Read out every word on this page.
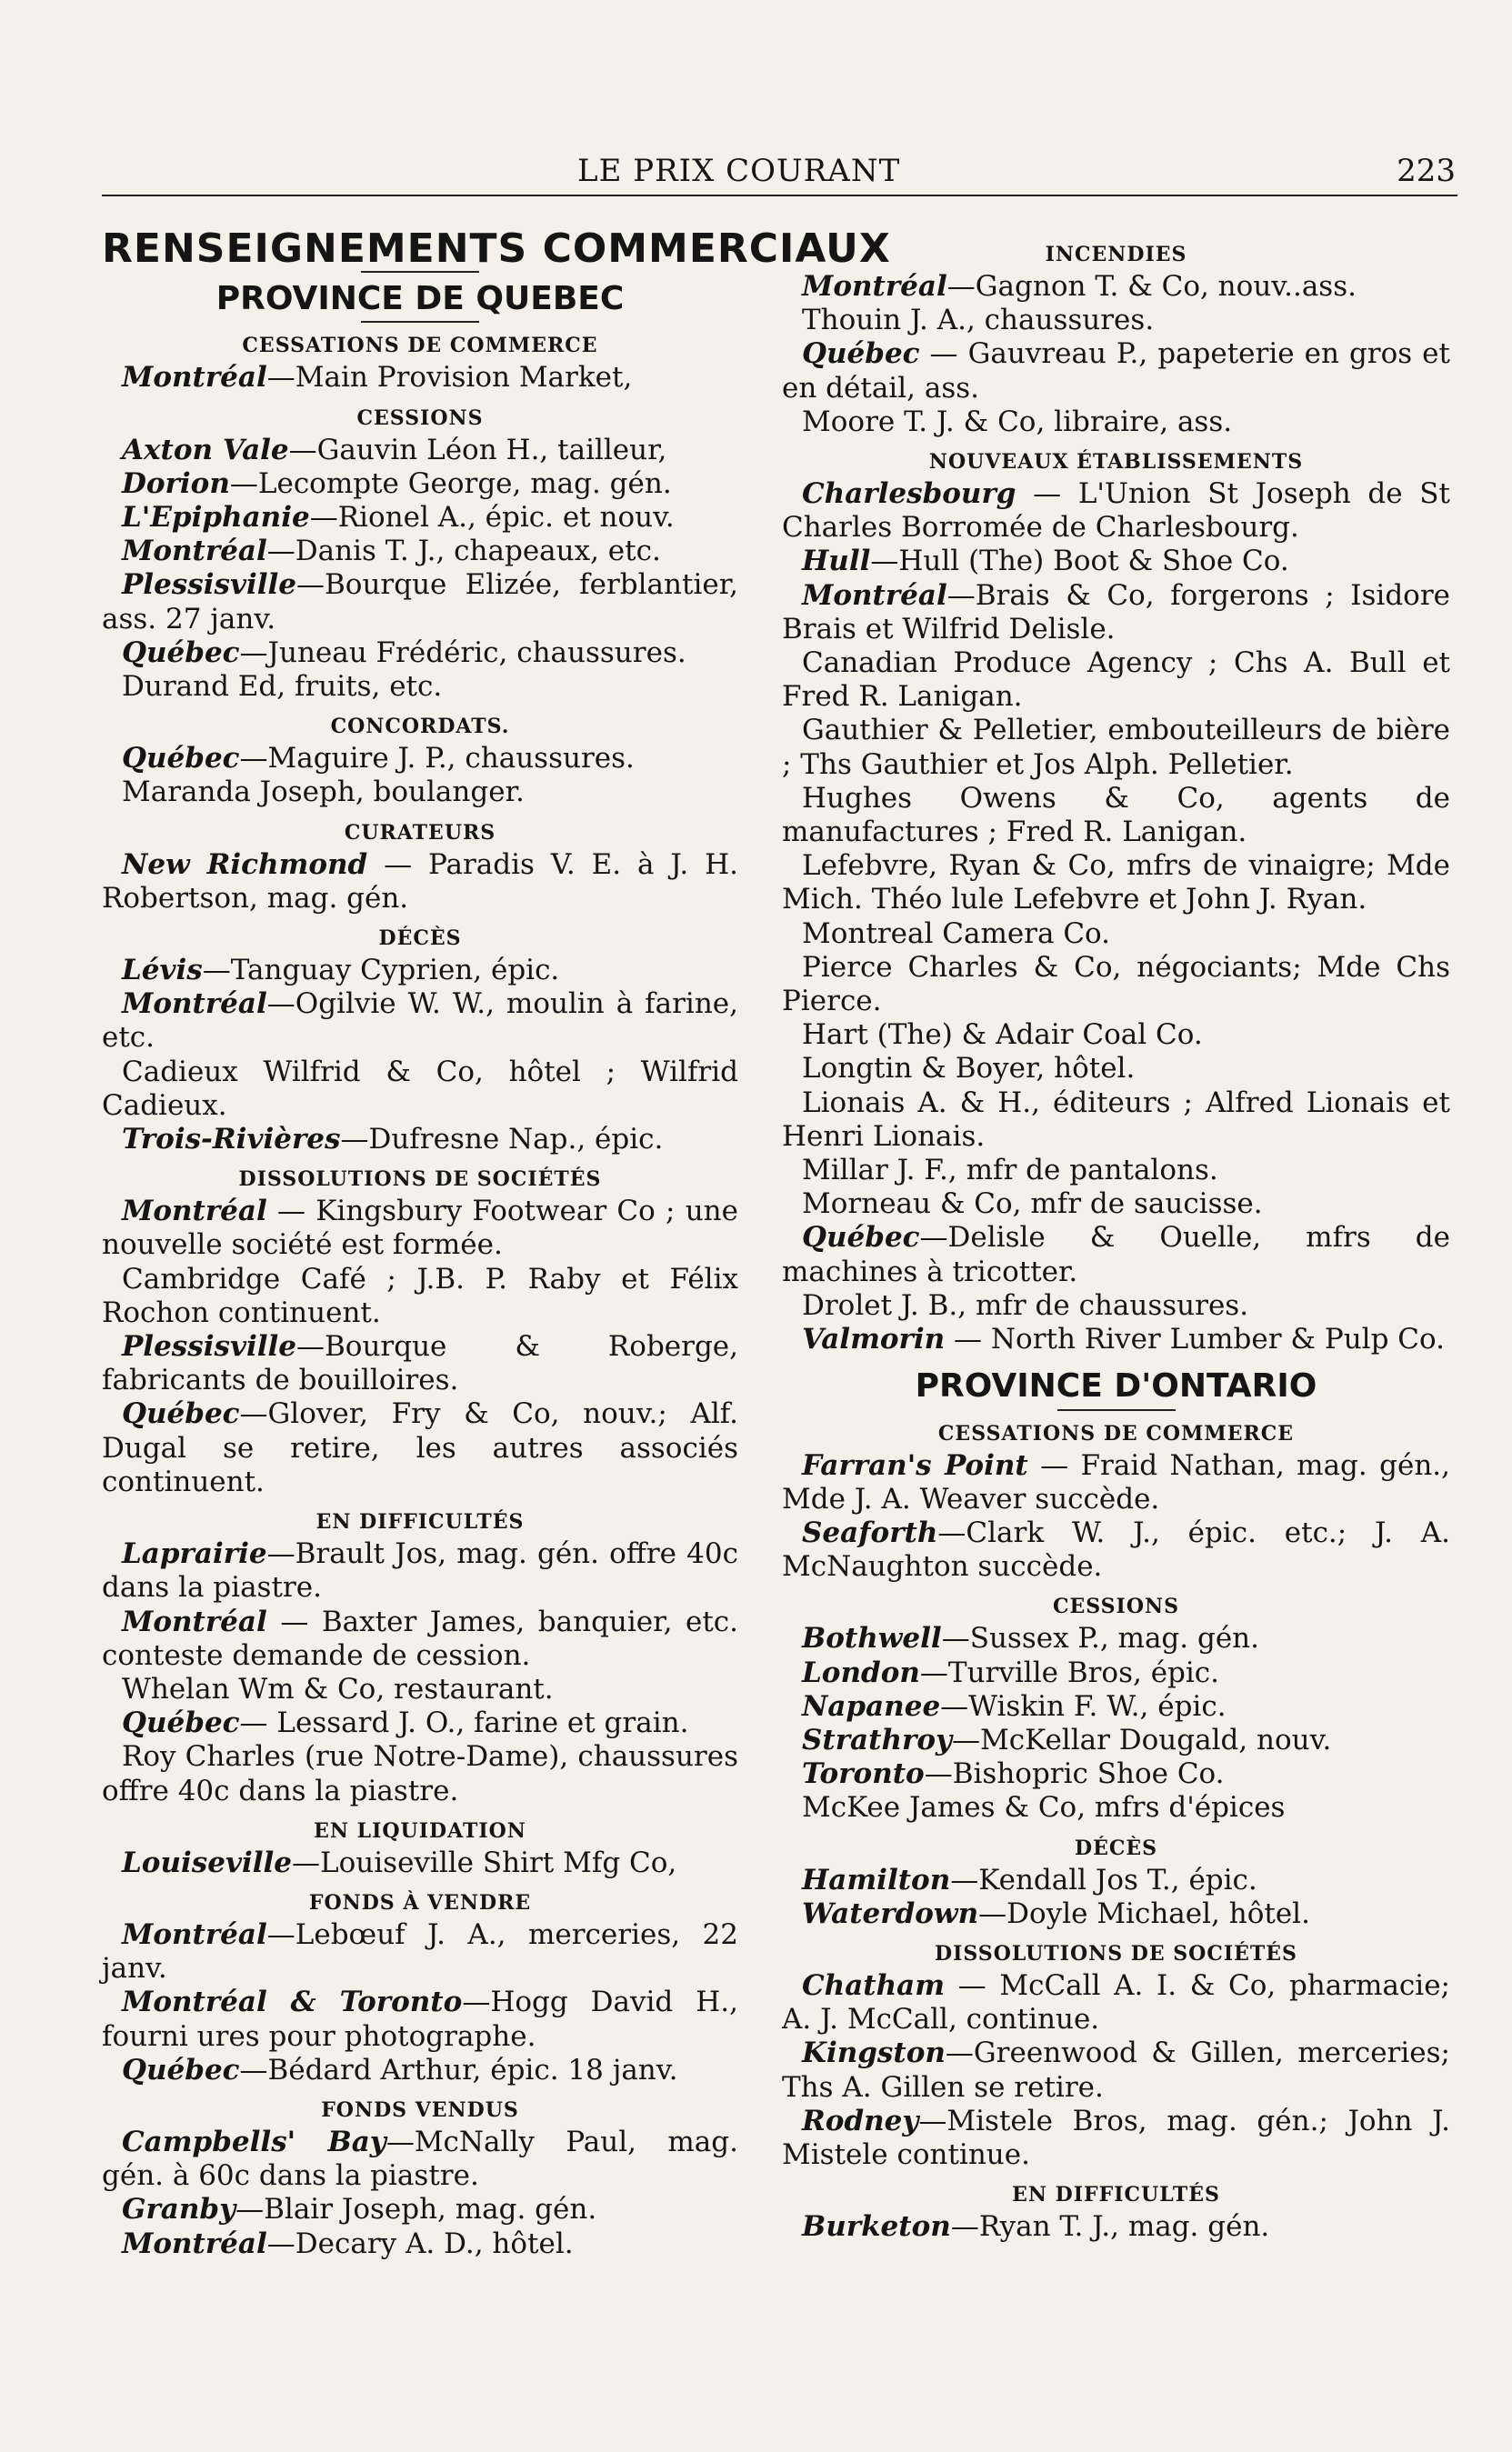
LE PRIX COURANT	223
RENSEIGNEMENTS COMMERCIAUX
PROVINCE DE QUEBEC
CESSATIONS DE COMMERCE

Montréal—Main Provision Market,

CESSIONS

Axton Vale—Gauvin Léon H., tailleur,

Dorion—Lecompte George, mag. gén.

L'Epiphanie—Rionel A., épic. et nouv.

Montréal—Danis T. J., chapeaux, etc.

Plessisville—Bourque Elizée, ferblantier, ass. 27 janv.

Québec—Juneau Frédéric, chaussures.

Durand Ed, fruits, etc.

CONCORDATS.

Québec—Maguire J. P., chaussures.

Maranda Joseph, boulanger.

CURATEURS

New Richmond — Paradis V. E. à J. H. Robertson, mag. gén.

DÉCÈS

Lévis—Tanguay Cyprien, épic.

Montréal—Ogilvie W. W., moulin à farine, etc.

Cadieux Wilfrid & Co, hôtel ; Wilfrid Cadieux.

Trois-Rivières—Dufresne Nap., épic.

DISSOLUTIONS DE SOCIÉTÉS

Montréal — Kingsbury Footwear Co ; une nouvelle société est formée.

Cambridge Café ; J.B. P. Raby et Félix Rochon continuent.

Plessisville—Bourque & Roberge, fabricants de bouilloires.

Québec—Glover, Fry & Co, nouv.; Alf. Dugal se retire, les autres associés continuent.

EN DIFFICULTÉS

Laprairie—Brault Jos, mag. gén. offre 40c dans la piastre.

Montréal — Baxter James, banquier, etc. conteste demande de cession.

Whelan Wm & Co, restaurant.

Québec— Lessard J. O., farine et grain.

Roy Charles (rue Notre-Dame), chaussures offre 40c dans la piastre.

EN LIQUIDATION

Louiseville—Louiseville Shirt Mfg Co,

FONDS À VENDRE

Montréal—Lebœuf J. A., merceries, 22 janv.

Montréal & Toronto—Hogg David H., fourni ures pour photographe.

Québec—Bédard Arthur, épic. 18 janv.

FONDS VENDUS

Campbells' Bay—McNally Paul, mag. gén. à 60c dans la piastre.

Granby—Blair Joseph, mag. gén.

Montréal—Decary A. D., hôtel.

INCENDIES

Montréal—Gagnon T. & Co, nouv..ass.

Thouin J. A., chaussures.

Québec — Gauvreau P., papeterie en gros et en détail, ass.

Moore T. J. & Co, libraire, ass.

NOUVEAUX ÉTABLISSEMENTS

Charlesbourg — L'Union St Joseph de St Charles Borromée de Charlesbourg.

Hull—Hull (The) Boot & Shoe Co.

Montréal—Brais & Co, forgerons ; Isidore Brais et Wilfrid Delisle.

Canadian Produce Agency ; Chs A. Bull et Fred R. Lanigan.

Gauthier & Pelletier, embouteilleurs de bière ; Ths Gauthier et Jos Alph. Pelletier.

Hughes Owens & Co, agents de manufactures ; Fred R. Lanigan.

Lefebvre, Ryan & Co, mfrs de vinaigre; Mde Mich. Théo lule Lefebvre et John J. Ryan.

Montreal Camera Co.

Pierce Charles & Co, négociants; Mde Chs Pierce.

Hart (The) & Adair Coal Co.

Longtin & Boyer, hôtel.

Lionais A. & H., éditeurs ; Alfred Lionais et Henri Lionais.

Millar J. F., mfr de pantalons.

Morneau & Co, mfr de saucisse.

Québec—Delisle & Ouelle, mfrs de machines à tricotter.

Drolet J. B., mfr de chaussures.

Valmorin — North River Lumber & Pulp Co.

PROVINCE D'ONTARIO
CESSATIONS DE COMMERCE

Farran's Point — Fraid Nathan, mag. gén., Mde J. A. Weaver succède.

Seaforth—Clark W. J., épic. etc.; J. A. McNaughton succède.

CESSIONS

Bothwell—Sussex P., mag. gén.

London—Turville Bros, épic.

Napanee—Wiskin F. W., épic.

Strathroy—McKellar Dougald, nouv.

Toronto—Bishopric Shoe Co.

McKee James & Co, mfrs d'épices

DÉCÈS

Hamilton—Kendall Jos T., épic.

Waterdown—Doyle Michael, hôtel.

DISSOLUTIONS DE SOCIÉTÉS

Chatham — McCall A. I. & Co, pharmacie; A. J. McCall, continue.

Kingston—Greenwood & Gillen, merceries; Ths A. Gillen se retire.

Rodney—Mistele Bros, mag. gén.; John J. Mistele continue.

EN DIFFICULTÉS

Burketon—Ryan T. J., mag. gén.
